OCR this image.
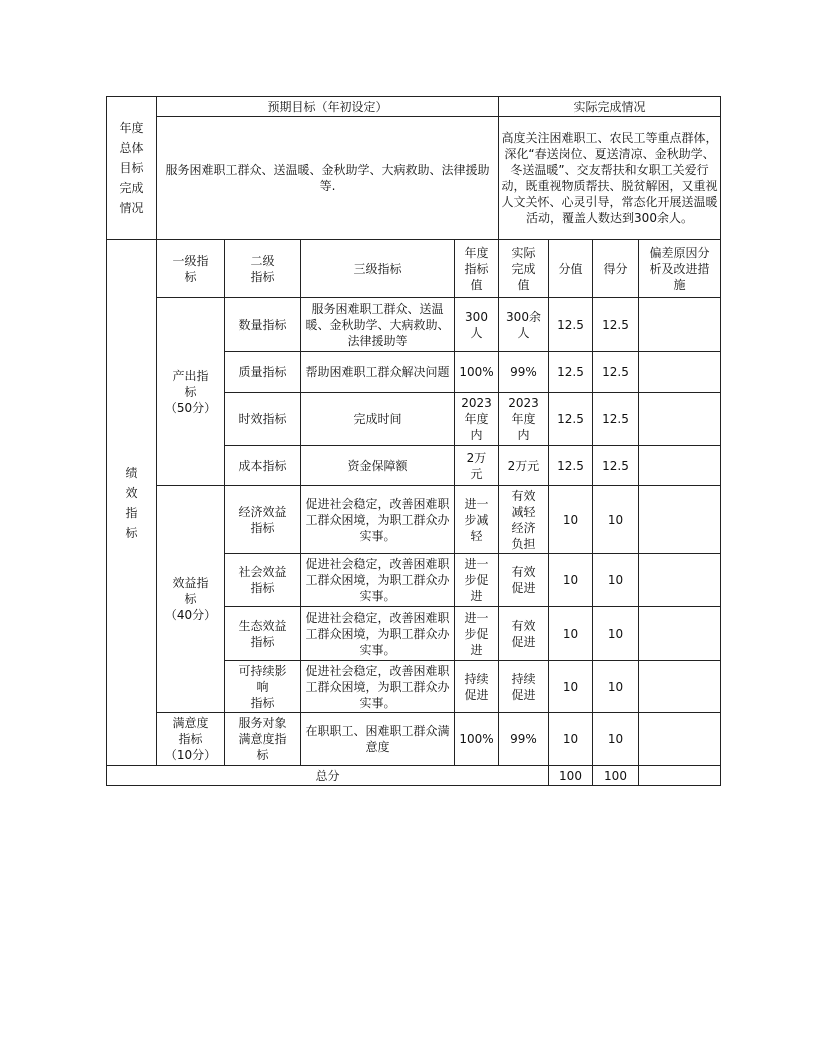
年度
总体
目标
完成
情况	预期目标（年初设定）				实际完成情况			
	服务困难职工群众、送温暖、金秋助学、大病救助、法律援助等.				高度关注困难职工、农民工等重点群体，深化“春送岗位、夏送清凉、金秋助学、冬送温暖”、交友帮扶和女职工关爱行动，既重视物质帮扶、脱贫解困，又重视人文关怀、心灵引导，常态化开展送温暖活动，覆盖人数达到300余人。			
绩
效
指
标	一级指
标	二级
指标	三级指标	年度
指标
值	实际
完成
值	分值	得分	偏差原因分
析及改进措
施
	产出指
标
（50分）	数量指标	服务困难职工群众、送温暖、金秋助学、大病救助、法律援助等	300
人	300余
人	12.5	12.5	
		质量指标	帮助困难职工群众解决问题	100%	99%	12.5	12.5	
		时效指标	完成时间	2023
年度
内	2023
年度
内	12.5	12.5	
		成本指标	资金保障额	2万
元	2万元	12.5	12.5	
	效益指
标
（40分）	经济效益
指标	促进社会稳定，改善困难职工群众困境，为职工群众办实事。	进一
步减
轻	有效
减轻
经济
负担	10	10	
		社会效益
指标	促进社会稳定，改善困难职工群众困境，为职工群众办实事。	进一
步促
进	有效
促进	10	10	
		生态效益
指标	促进社会稳定，改善困难职工群众困境，为职工群众办实事。	进一
步促
进	有效
促进	10	10	
		可持续影
响
指标	促进社会稳定，改善困难职工群众困境，为职工群众办实事。	持续
促进	持续
促进	10	10	
	满意度
指标
（10分）	服务对象
满意度指
标	在职职工、困难职工群众满意度	100%	99%	10	10	
总分						100	100	
